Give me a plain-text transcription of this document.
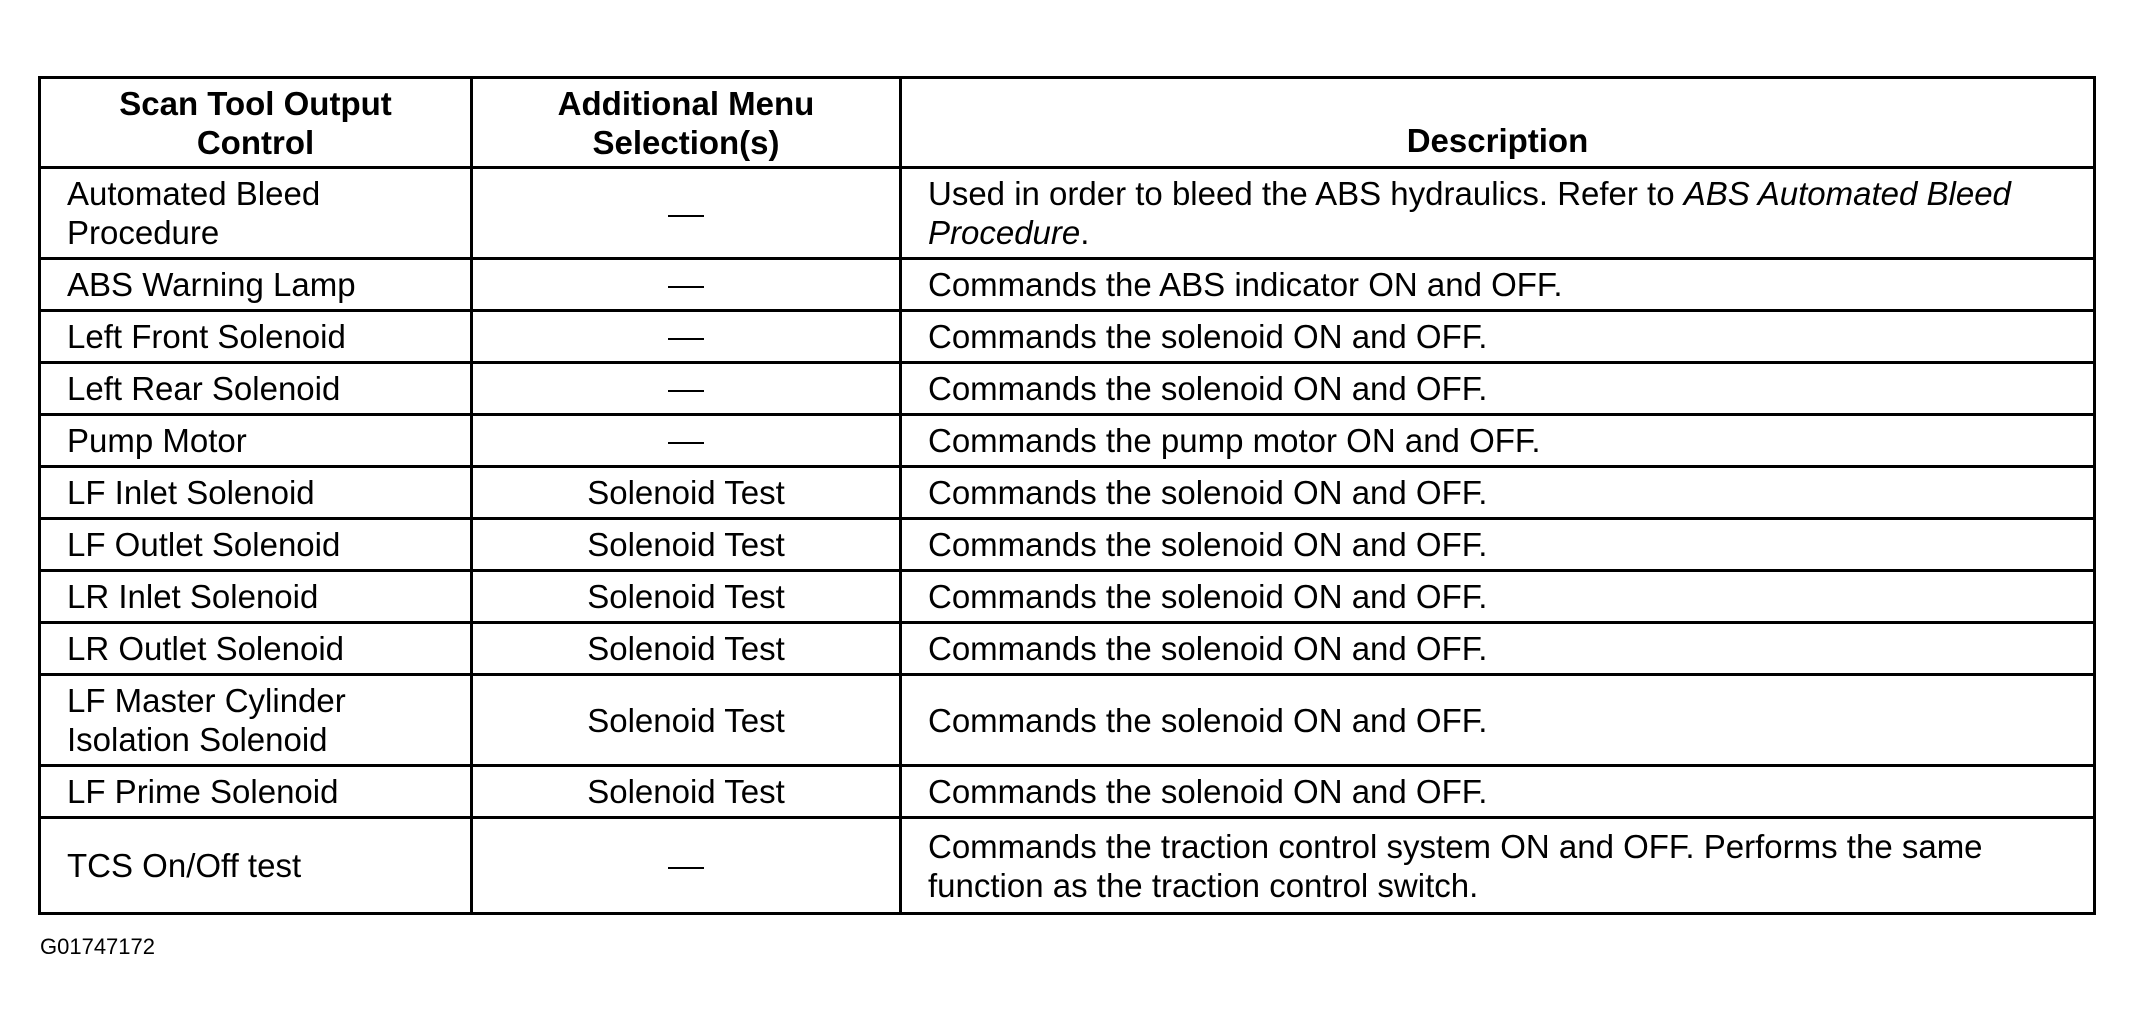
Scan Tool Output Control	Additional Menu Selection(s)	Description
Automated Bleed Procedure		Used in order to bleed the ABS hydraulics. Refer to ABS Automated Bleed Procedure.
ABS Warning Lamp		Commands the ABS indicator ON and OFF.
Left Front Solenoid		Commands the solenoid ON and OFF.
Left Rear Solenoid		Commands the solenoid ON and OFF.
Pump Motor		Commands the pump motor ON and OFF.
LF Inlet Solenoid	Solenoid Test	Commands the solenoid ON and OFF.
LF Outlet Solenoid	Solenoid Test	Commands the solenoid ON and OFF.
LR Inlet Solenoid	Solenoid Test	Commands the solenoid ON and OFF.
LR Outlet Solenoid	Solenoid Test	Commands the solenoid ON and OFF.
LF Master Cylinder Isolation Solenoid	Solenoid Test	Commands the solenoid ON and OFF.
LF Prime Solenoid	Solenoid Test	Commands the solenoid ON and OFF.
TCS On/Off test		Commands the traction control system ON and OFF. Performs the same function as the traction control switch.
G01747172
